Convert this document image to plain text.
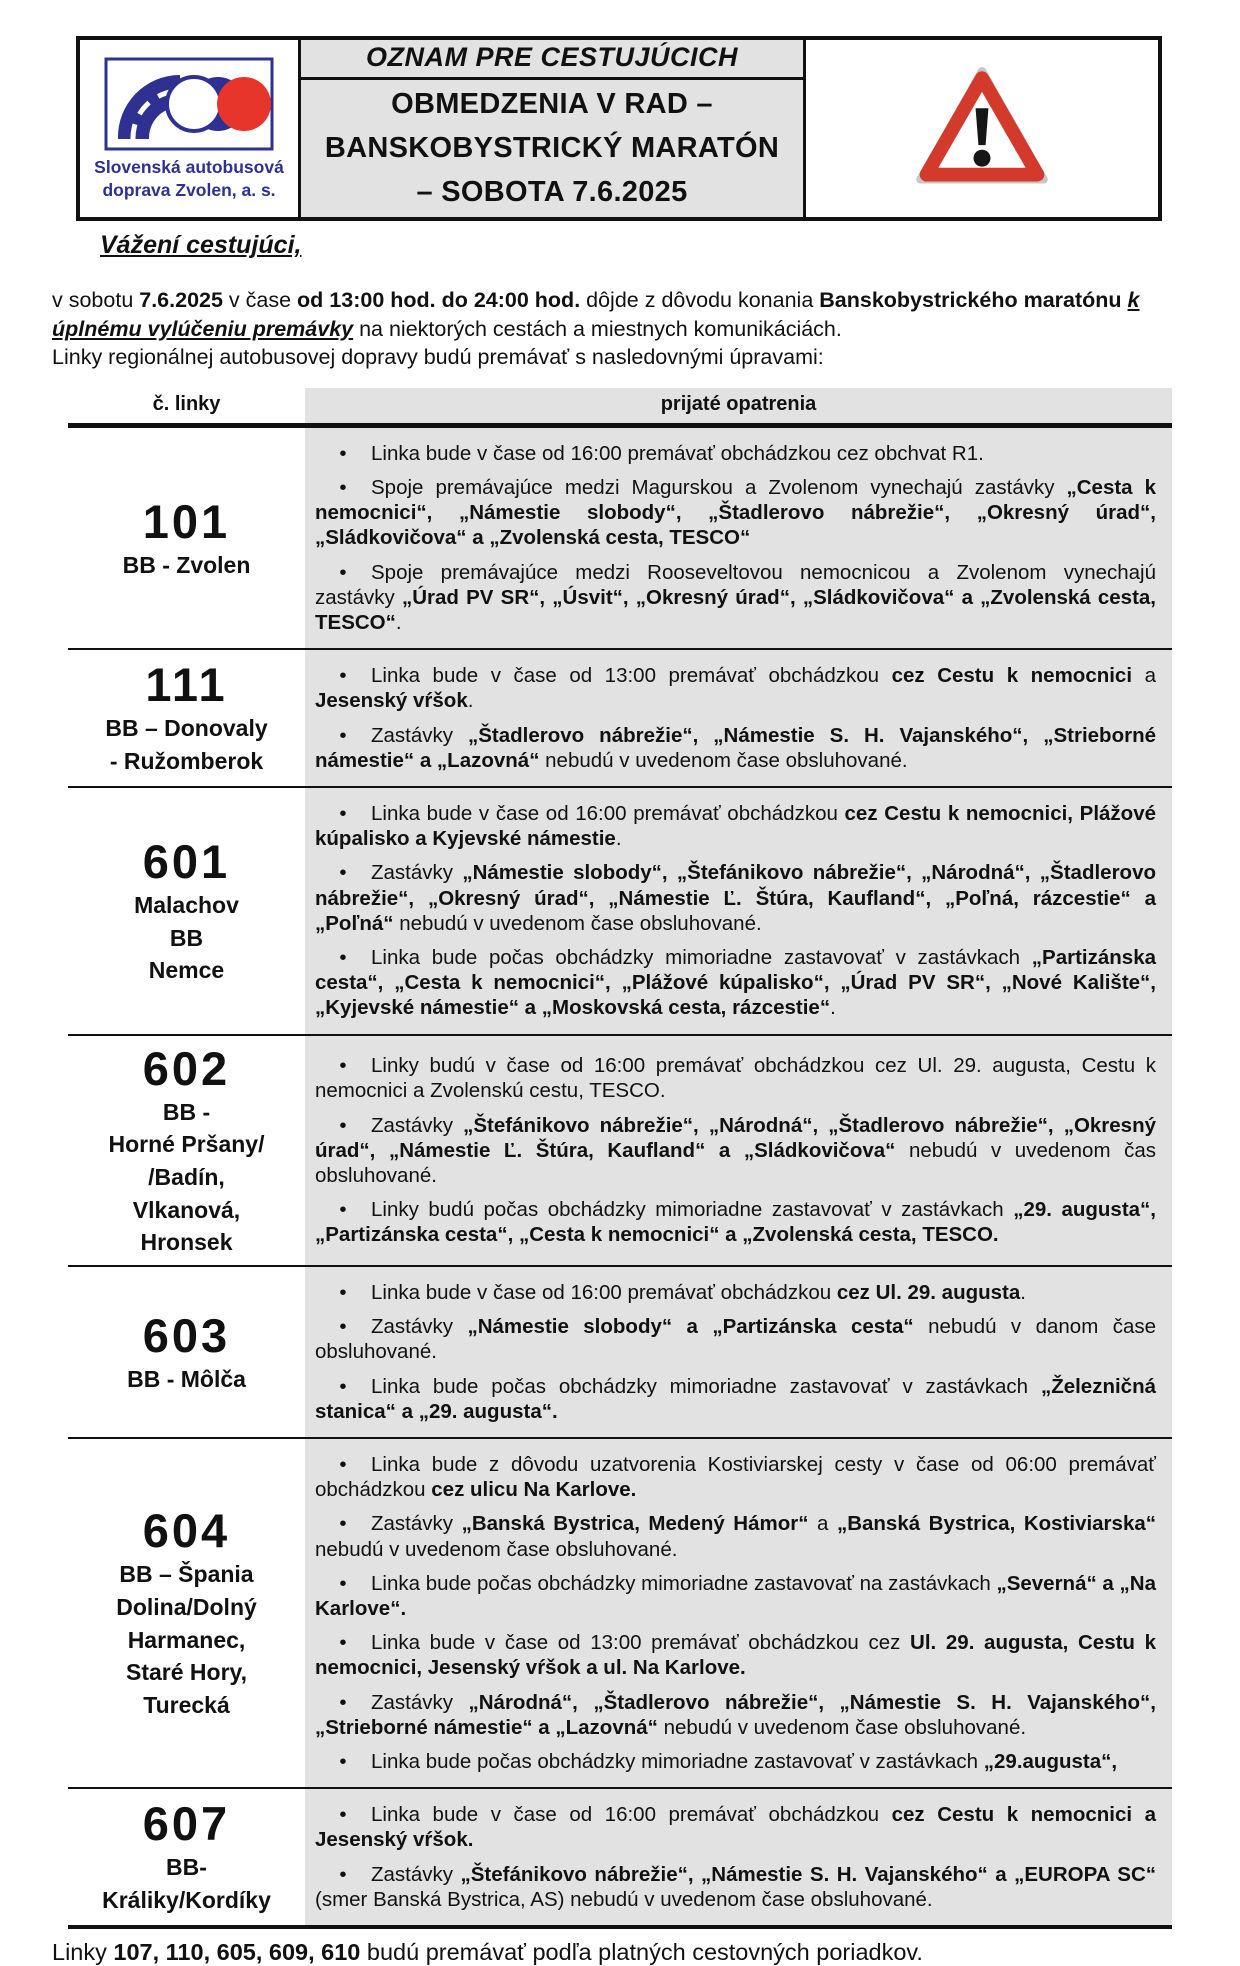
Slovenská autobusová
doprava Zvolen, a. s.
OZNAM PRE CESTUJÚCICH
OBMEDZENIA V RAD –
BANSKOBYSTRICKÝ MARATÓN
– SOBOTA 7.6.2025
Vážení cestujúci,
v sobotu 7.6.2025 v čase od 13:00 hod. do 24:00 hod. dôjde z dôvodu konania Banskobystrického maratónu k úplnému vylúčeniu premávky na niektorých cestách a miestnych komunikáciách.
Linky regionálnej autobusovej dopravy budú premávať s nasledovnými úpravami:
č. linky	prijaté opatrenia

101
BB - Zvolen

• Linka bude v čase od 16:00 premávať obchádzkou cez obchvat R1.

• Spoje premávajúce medzi Magurskou a Zvolenom vynechajú zastávky „Cesta k nemocnici“, „Námestie slobody“, „Štadlerovo nábrežie“, „Okresný úrad“, „Sládkovičova“ a „Zvolenská cesta, TESCO“

• Spoje premávajúce medzi Rooseveltovou nemocnicou a Zvolenom vynechajú zastávky „Úrad PV SR“, „Úsvit“, „Okresný úrad“, „Sládkovičova“ a „Zvolenská cesta, TESCO“.

111
BB – Donovaly
- Ružomberok

• Linka bude v čase od 13:00 premávať obchádzkou cez Cestu k nemocnici a Jesenský vŕšok.

• Zastávky „Štadlerovo nábrežie“, „Námestie S. H. Vajanského“, „Strieborné námestie“ a „Lazovná“ nebudú v uvedenom čase obsluhované.

601
Malachov
BB
Nemce

• Linka bude v čase od 16:00 premávať obchádzkou cez Cestu k nemocnici, Plážové kúpalisko a Kyjevské námestie.

• Zastávky „Námestie slobody“, „Štefánikovo nábrežie“, „Národná“, „Štadlerovo nábrežie“, „Okresný úrad“, „Námestie Ľ. Štúra, Kaufland“, „Poľná, rázcestie“ a „Poľná“ nebudú v uvedenom čase obsluhované.

• Linka bude počas obchádzky mimoriadne zastavovať v zastávkach „Partizánska cesta“, „Cesta k nemocnici“, „Plážové kúpalisko“, „Úrad PV SR“, „Nové Kalište“, „Kyjevské námestie“ a „Moskovská cesta, rázcestie“.

602
BB -
Horné Pršany/
/Badín,
Vlkanová,
Hronsek

• Linky budú v čase od 16:00 premávať obchádzkou cez Ul. 29. augusta, Cestu k nemocnici a Zvolenskú cestu, TESCO.

• Zastávky „Štefánikovo nábrežie“, „Národná“, „Štadlerovo nábrežie“, „Okresný úrad“, „Námestie Ľ. Štúra, Kaufland“ a „Sládkovičova“ nebudú v uvedenom čas obsluhované.

• Linky budú počas obchádzky mimoriadne zastavovať v zastávkach „29. augusta“, „Partizánska cesta“, „Cesta k nemocnici“ a „Zvolenská cesta, TESCO.

603
BB - Môlča

• Linka bude v čase od 16:00 premávať obchádzkou cez Ul. 29. augusta.

• Zastávky „Námestie slobody“ a „Partizánska cesta“ nebudú v danom čase obsluhované.

• Linka bude počas obchádzky mimoriadne zastavovať v zastávkach „Železničná stanica“ a „29. augusta“.

604
BB – Špania
Dolina/Dolný
Harmanec,
Staré Hory,
Turecká

• Linka bude z dôvodu uzatvorenia Kostiviarskej cesty v čase od 06:00 premávať obchádzkou cez ulicu Na Karlove.

• Zastávky „Banská Bystrica, Medený Hámor“ a „Banská Bystrica, Kostiviarska“ nebudú v uvedenom čase obsluhované.

• Linka bude počas obchádzky mimoriadne zastavovať na zastávkach „Severná“ a „Na Karlove“.

• Linka bude v čase od 13:00 premávať obchádzkou cez Ul. 29. augusta, Cestu k nemocnici, Jesenský vŕšok a ul. Na Karlove.

• Zastávky „Národná“, „Štadlerovo nábrežie“, „Námestie S. H. Vajanského“, „Strieborné námestie“ a „Lazovná“ nebudú v uvedenom čase obsluhované.

• Linka bude počas obchádzky mimoriadne zastavovať v zastávkach „29.augusta“,

607
BB-
Králiky/Kordíky

• Linka bude v čase od 16:00 premávať obchádzkou cez Cestu k nemocnici a Jesenský vŕšok.

• Zastávky „Štefánikovo nábrežie“, „Námestie S. H. Vajanského“ a „EUROPA SC“ (smer Banská Bystrica, AS) nebudú v uvedenom čase obsluhované.

Linky 107, 110, 605, 609, 610 budú premávať podľa platných cestovných poriadkov.
